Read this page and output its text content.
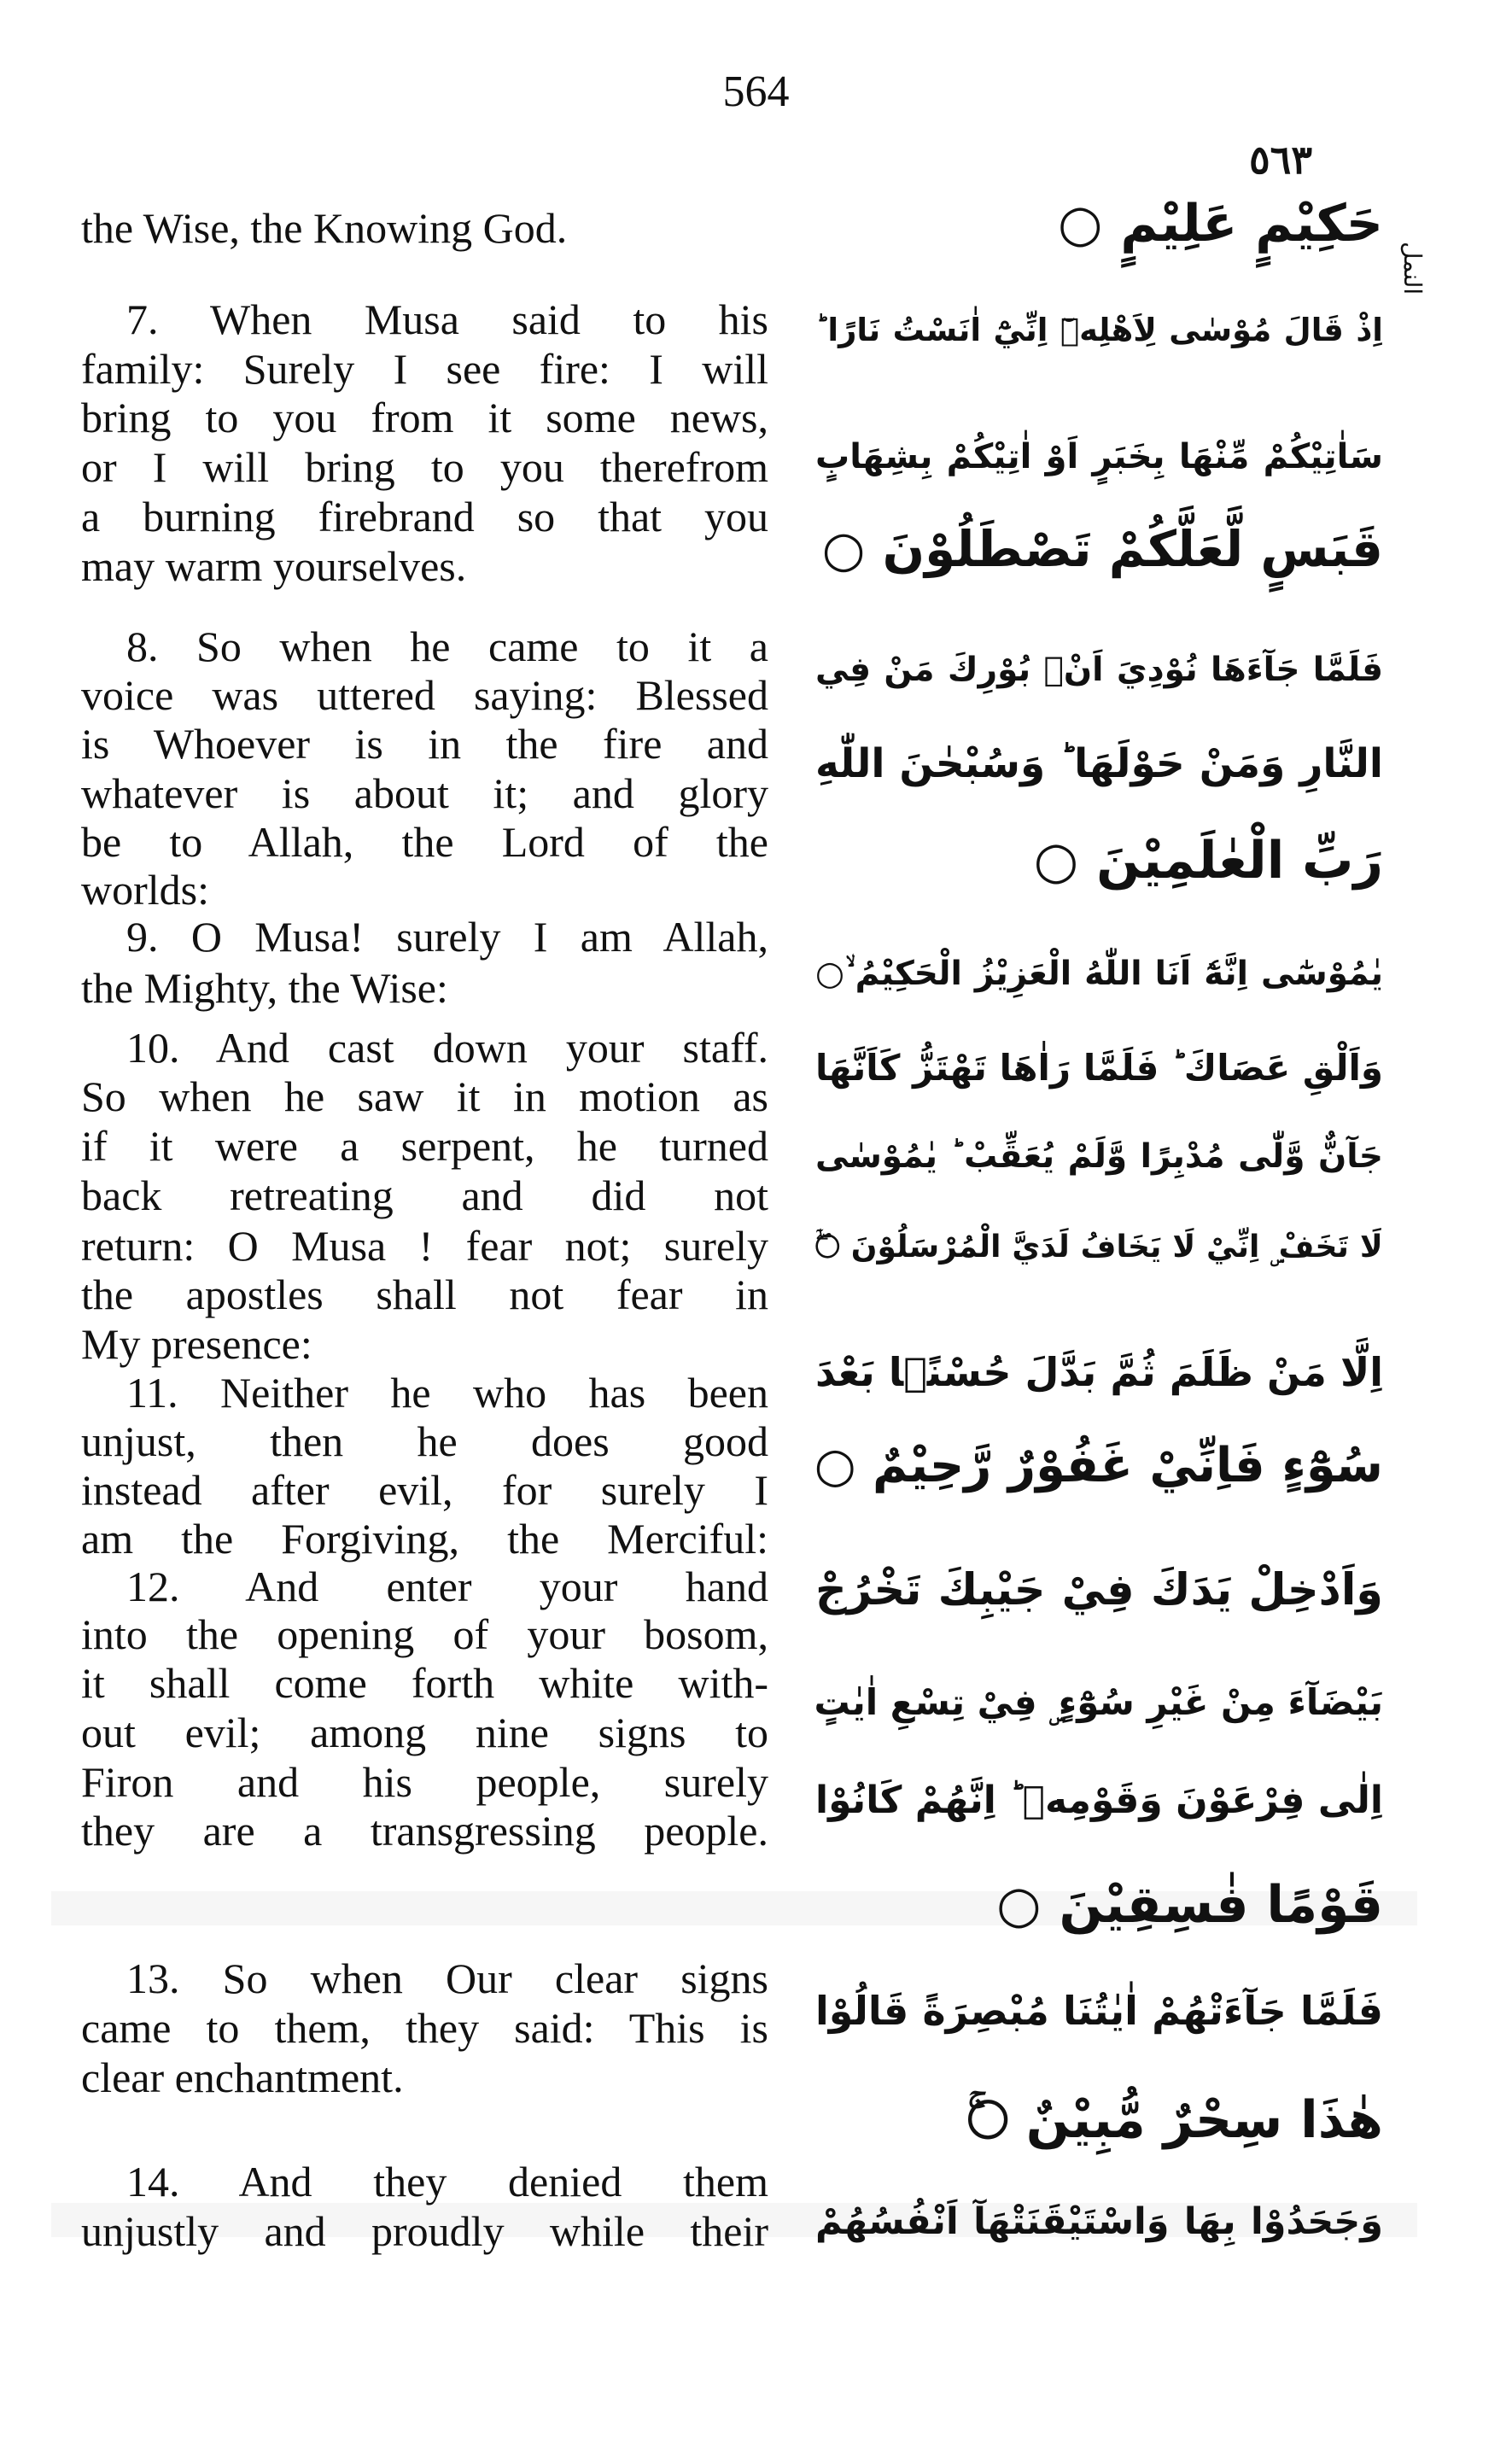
564
٥٦٣
النمل
the Wise, the Knowing God.
7. When Musa said to his
family: Surely I see fire: I will
bring to you from it some news,
or I will bring to you therefrom
a burning firebrand so that you
may warm yourselves.
8. So when he came to it a
voice was uttered saying: Blessed
is Whoever is in the fire and
whatever is about it; and glory
be to Allah, the Lord of the
worlds:
9. O Musa! surely I am Allah,
the Mighty, the Wise:
10. And cast down your staff.
So when he saw it in motion as
if it were a serpent, he turned
back retreating and did not
return: O Musa ! fear not; surely
the apostles shall not fear in
My presence:
11. Neither he who has been
unjust, then he does good
instead after evil, for surely I
am the Forgiving, the Merciful:
12. And enter your hand
into the opening of your bosom,
it shall come forth white with-
out evil; among nine signs to
Firon and his people, surely
they are a transgressing people.
13. So when Our clear signs
came to them, they said: This is
clear enchantment.
14. And they denied them
unjustly and proudly while their
حَكِيْمٍ عَلِيْمٍ ○
اِذْ قَالَ مُوْسٰى لِاَهْلِهٖٓ اِنِّيْٓ اٰنَسْتُ نَارًا ؕ
سَاٰتِيْكُمْ مِّنْهَا بِخَبَرٍ اَوْ اٰتِيْكُمْ بِشِهَابٍ
قَبَسٍ لَّعَلَّكُمْ تَصْطَلُوْنَ ○
فَلَمَّا جَآءَهَا نُوْدِيَ اَنْۢ بُوْرِكَ مَنْ فِي
النَّارِ وَمَنْ حَوْلَهَا ؕ وَسُبْحٰنَ اللّٰهِ
رَبِّ الْعٰلَمِيْنَ ○
يٰمُوْسٰٓى اِنَّهٗٓ اَنَا اللّٰهُ الْعَزِيْزُ الْحَكِيْمُ ۙ○
وَاَلْقِ عَصَاكَ ؕ فَلَمَّا رَاٰهَا تَهْتَزُّ كَاَنَّهَا
جَآنٌّ وَّلّٰى مُدْبِرًا وَّلَمْ يُعَقِّبْ ؕ يٰمُوْسٰى
لَا تَخَفْ ۣ اِنِّيْ لَا يَخَافُ لَدَيَّ الْمُرْسَلُوْنَ ○ۤۖ
اِلَّا مَنْ ظَلَمَ ثُمَّ بَدَّلَ حُسْنًۢا بَعْدَ
سُوْٓءٍ فَاِنِّيْ غَفُوْرٌ رَّحِيْمٌ ○
وَاَدْخِلْ يَدَكَ فِيْ جَيْبِكَ تَخْرُجْ
بَيْضَآءَ مِنْ غَيْرِ سُوْٓءٍ ۣ فِيْ تِسْعِ اٰيٰتٍ
اِلٰى فِرْعَوْنَ وَقَوْمِهٖ ؕ اِنَّهُمْ كَانُوْا
قَوْمًا فٰسِقِيْنَ ○
فَلَمَّا جَآءَتْهُمْ اٰيٰتُنَا مُبْصِرَةً قَالُوْا
هٰذَا سِحْرٌ مُّبِيْنٌ ○ۚ
وَجَحَدُوْا بِهَا وَاسْتَيْقَنَتْهَآ اَنْفُسُهُمْ
